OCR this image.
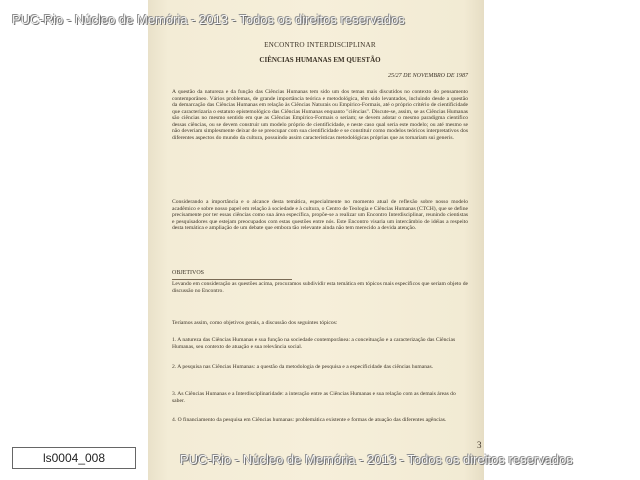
ENCONTRO INTERDISCIPLINAR
CIÊNCIAS HUMANAS EM QUESTÃO
25/27 DE NOVEMBRO DE 1987
A questão da natureza e da função das Ciências Humanas tem sido um dos temas mais discutidos no contexto do pensamento contemporâneo. Vários problemas, de grande importância teórica e metodológica, têm sido levantados, incluindo desde a questão da demarcação das Ciências Humanas em relação às Ciências Naturais ou Empírico-Formais, até o próprio critério de cientificidade que caracterizaria o estatuto epistemológico das Ciências Humanas enquanto "ciências". Discute-se, assim, se as Ciências Humanas são ciências no mesmo sentido em que as Ciências Empírico-Formais o seriam; se devem adotar o mesmo paradigma científico dessas ciências, ou se devem construir um modelo próprio de cientificidade, e neste caso qual seria este modelo; ou até mesmo se não deveriam simplesmente deixar de se preocupar com sua cientificidade e se constituir como modelos teóricos interpretativos dos diferentes aspectos do mundo da cultura, possuindo assim características metodológicas próprias que as tornariam sui generis.
Considerando a importância e o alcance desta temática, especialmente no momento atual de reflexão sobre nosso modelo acadêmico e sobre nosso papel em relação à sociedade e à cultura, o Centro de Teologia e Ciências Humanas (CTCH), que se define precisamente por ter essas ciências como sua área específica, propõe-se a realizar um Encontro Interdisciplinar, reunindo cientistas e pesquisadores que estejam preocupados com estas questões entre nós. Este Encontro visaria um intercâmbio de idéias a respeito desta temática e ampliação de um debate que embora tão relevante ainda não tem merecido a devida atenção.
OBJETIVOS
Levando em consideração as questões acima, procuramos subdividir esta temática em tópicos mais específicos que seriam objeto de discussão no Encontro.
Teríamos assim, como objetivos gerais, a discussão dos seguintes tópicos:
1. A natureza das Ciências Humanas e sua função na sociedade contemporânea: a conceituação e a caracterização das Ciências Humanas, seu contexto de atuação e sua relevância social.
2. A pesquisa nas Ciências Humanas: a questão da metodologia de pesquisa e a especificidade das ciências humanas.
3. As Ciências Humanas e a Interdisciplinaridade: a interação entre as Ciências Humanas e sua relação com as demais áreas do saber.
4. O financiamento da pesquisa em Ciências humanas: problemática existente e formas de atuação das diferentes agências.
3
PUC-Rio - Núcleo de Memória - 2013 - Todos os direitos reservados
PUC-Rio - Núcleo de Memória - 2013 - Todos os direitos reservados
ls0004_008
